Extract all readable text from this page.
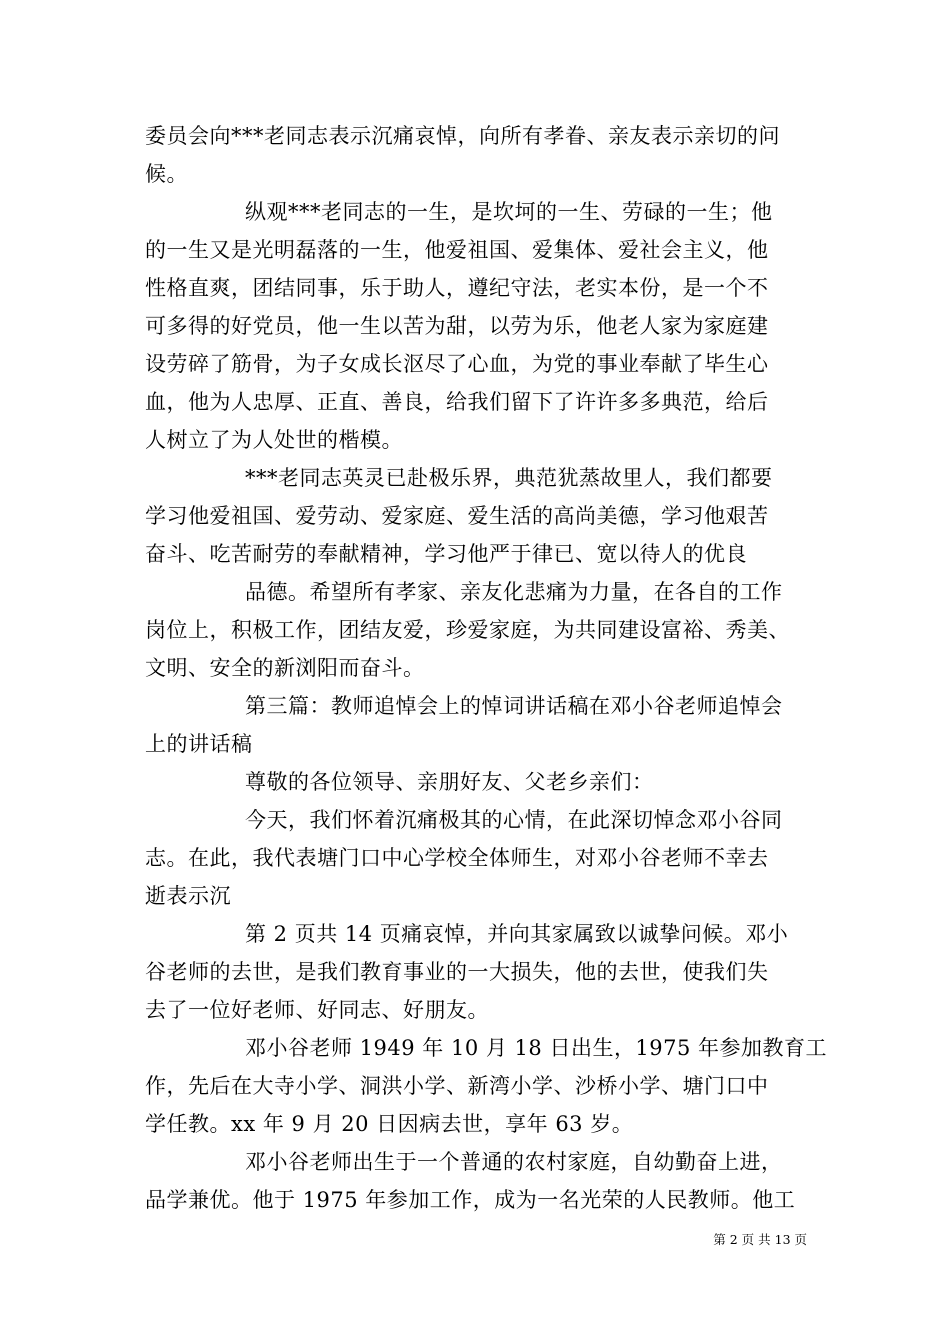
委员会向***老同志表示沉痛哀悼，向所有孝眷、亲友表示亲切的问
候。
纵观***老同志的一生，是坎坷的一生、劳碌的一生；他
的一生又是光明磊落的一生，他爱祖国、爱集体、爱社会主义，他
性格直爽，团结同事，乐于助人，遵纪守法，老实本份，是一个不
可多得的好党员，他一生以苦为甜，以劳为乐，他老人家为家庭建
设劳碎了筋骨，为子女成长沤尽了心血，为党的事业奉献了毕生心
血，他为人忠厚、正直、善良，给我们留下了许许多多典范，给后
人树立了为人处世的楷模。
***老同志英灵已赴极乐界，典范犹蒸故里人，我们都要
学习他爱祖国、爱劳动、爱家庭、爱生活的高尚美德，学习他艰苦
奋斗、吃苦耐劳的奉献精神，学习他严于律已、宽以待人的优良
品德。希望所有孝家、亲友化悲痛为力量，在各自的工作
岗位上，积极工作，团结友爱，珍爱家庭，为共同建设富裕、秀美、
文明、安全的新浏阳而奋斗。
第三篇：教师追悼会上的悼词讲话稿在邓小谷老师追悼会
上的讲话稿
尊敬的各位领导、亲朋好友、父老乡亲们：
今天，我们怀着沉痛极其的心情，在此深切悼念邓小谷同
志。在此，我代表塘门口中心学校全体师生，对邓小谷老师不幸去
逝表示沉
第 2 页共 14 页痛哀悼，并向其家属致以诚挚问候。邓小
谷老师的去世，是我们教育事业的一大损失，他的去世，使我们失
去了一位好老师、好同志、好朋友。
邓小谷老师 1949 年 10 月 18 日出生，1975 年参加教育工
作，先后在大寺小学、洞洪小学、新湾小学、沙桥小学、塘门口中
学任教。xx 年 9 月 20 日因病去世，享年 63 岁。
邓小谷老师出生于一个普通的农村家庭，自幼勤奋上进，
品学兼优。他于 1975 年参加工作，成为一名光荣的人民教师。他工
第 2 页 共 13 页
